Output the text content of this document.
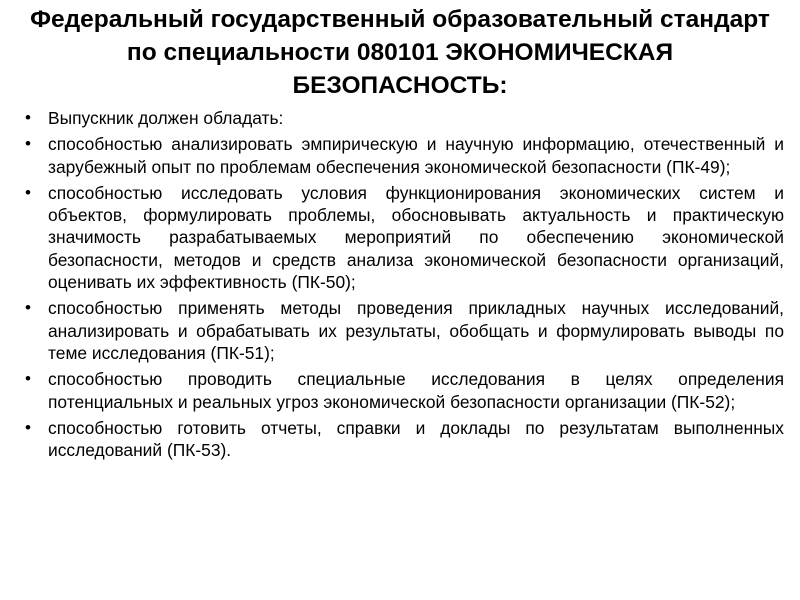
Федеральный государственный образовательный стандарт по специальности 080101 ЭКОНОМИЧЕСКАЯ БЕЗОПАСНОСТЬ:
• Выпускник должен обладать:
• способностью анализировать эмпирическую и научную информацию, отечественный и зарубежный опыт по проблемам обеспечения экономической безопасности (ПК-49);
• способностью исследовать условия функционирования экономических систем и объектов, формулировать проблемы, обосновывать актуальность и практическую значимость разрабатываемых мероприятий по обеспечению экономической безопасности, методов и средств анализа экономической безопасности организаций, оценивать их эффективность (ПК-50);
• способностью применять методы проведения прикладных научных исследований, анализировать и обрабатывать их результаты, обобщать и формулировать выводы по теме исследования (ПК-51);
• способностью проводить специальные исследования в целях определения потенциальных и реальных угроз экономической безопасности организации (ПК-52);
• способностью готовить отчеты, справки и доклады по результатам выполненных исследований (ПК-53).
